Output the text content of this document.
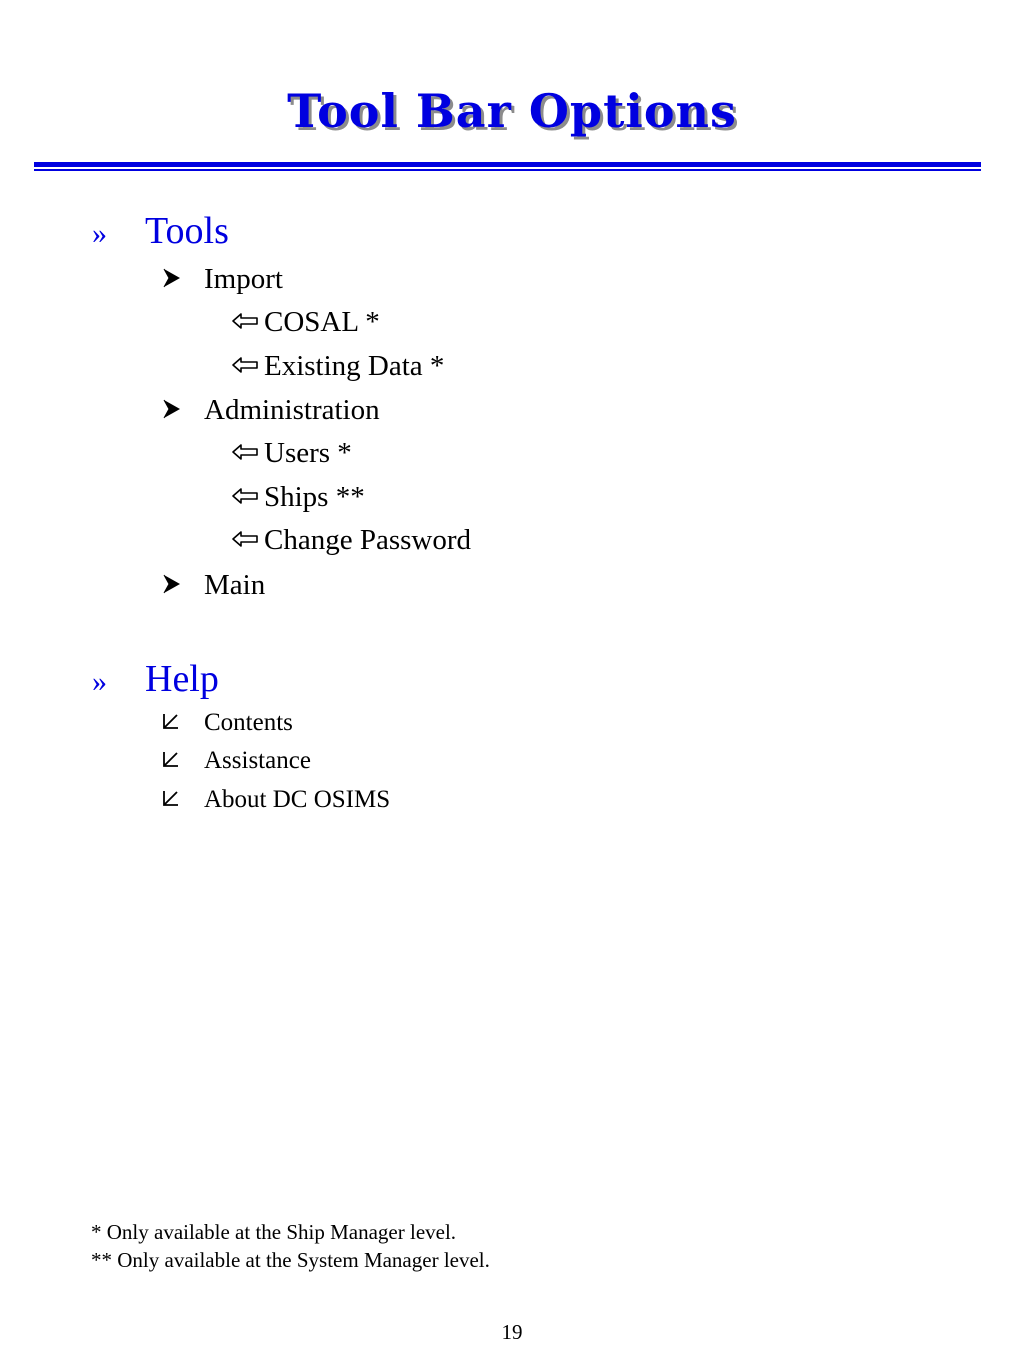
Tool Bar Options
» Tools
Import
COSAL *
Existing Data *
Administration
Users *
Ships **
Change Password
Main
» Help
Contents
Assistance
About DC OSIMS
* Only available at the Ship Manager level.
** Only available at the System Manager level.
19
